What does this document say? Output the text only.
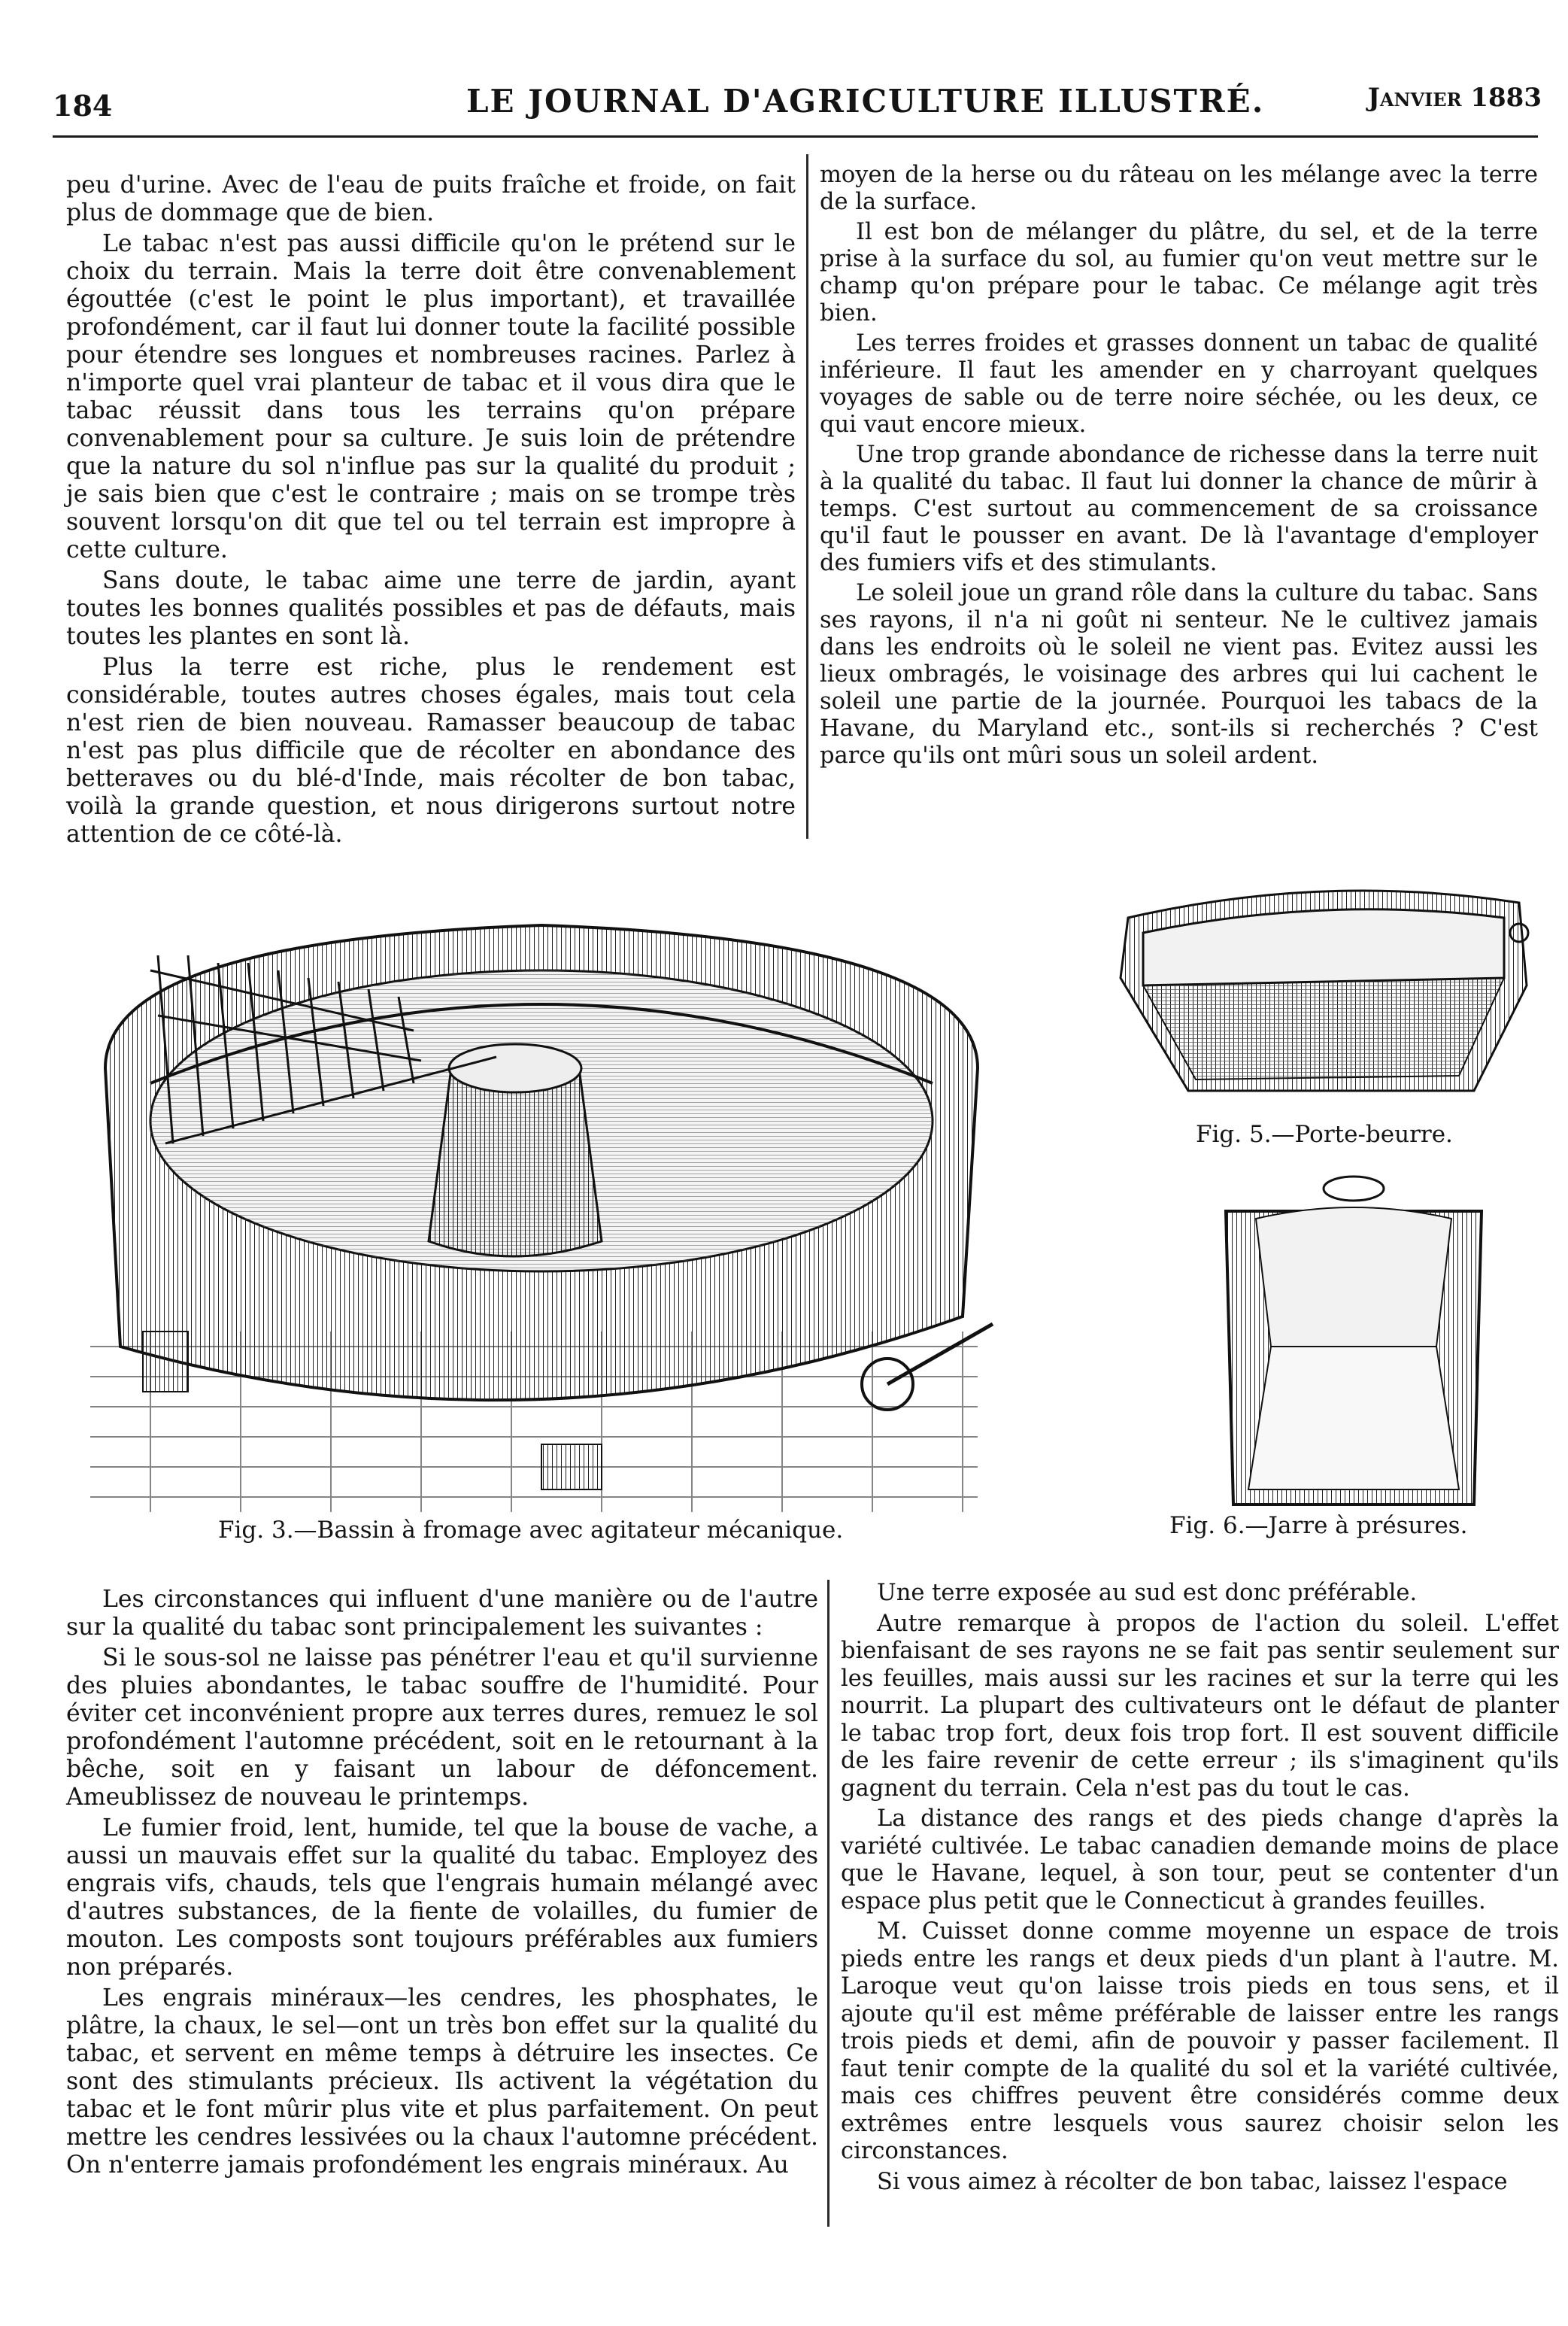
184	LE JOURNAL D'AGRICULTURE ILLUSTRÉ.	Janvier 1883

peu d'urine. Avec de l'eau de puits fraîche et froide, on fait plus de dommage que de bien.

Le tabac n'est pas aussi difficile qu'on le prétend sur le choix du terrain. Mais la terre doit être convenablement égouttée (c'est le point le plus important), et travaillée profondément, car il faut lui donner toute la facilité possible pour étendre ses longues et nombreuses racines. Parlez à n'importe quel vrai planteur de tabac et il vous dira que le tabac réussit dans tous les terrains qu'on prépare convenablement pour sa culture. Je suis loin de prétendre que la nature du sol n'influe pas sur la qualité du produit ; je sais bien que c'est le contraire ; mais on se trompe très souvent lorsqu'on dit que tel ou tel terrain est impropre à cette culture.

Sans doute, le tabac aime une terre de jardin, ayant toutes les bonnes qualités possibles et pas de défauts, mais toutes les plantes en sont là.

Plus la terre est riche, plus le rendement est considérable, toutes autres choses égales, mais tout cela n'est rien de bien nouveau. Ramasser beaucoup de tabac n'est pas plus difficile que de récolter en abondance des betteraves ou du blé-d'Inde, mais récolter de bon tabac, voilà la grande question, et nous dirigerons surtout notre attention de ce côté-là.

moyen de la herse ou du râteau on les mélange avec la terre de la surface.

Il est bon de mélanger du plâtre, du sel, et de la terre prise à la surface du sol, au fumier qu'on veut mettre sur le champ qu'on prépare pour le tabac. Ce mélange agit très bien.

Les terres froides et grasses donnent un tabac de qualité inférieure. Il faut les amender en y charroyant quelques voyages de sable ou de terre noire séchée, ou les deux, ce qui vaut encore mieux.

Une trop grande abondance de richesse dans la terre nuit à la qualité du tabac. Il faut lui donner la chance de mûrir à temps. C'est surtout au commencement de sa croissance qu'il faut le pousser en avant. De là l'avantage d'employer des fumiers vifs et des stimulants.

Le soleil joue un grand rôle dans la culture du tabac. Sans ses rayons, il n'a ni goût ni senteur. Ne le cultivez jamais dans les endroits où le soleil ne vient pas. Evitez aussi les lieux ombragés, le voisinage des arbres qui lui cachent le soleil une partie de la journée. Pourquoi les tabacs de la Havane, du Maryland etc., sont-ils si recherchés ? C'est parce qu'ils ont mûri sous un soleil ardent.

Fig. 3.—Bassin à fromage avec agitateur mécanique.
Fig. 5.—Porte-beurre.
Fig. 6.—Jarre à présures.

Les circonstances qui influent d'une manière ou de l'autre sur la qualité du tabac sont principalement les suivantes :

Si le sous-sol ne laisse pas pénétrer l'eau et qu'il survienne des pluies abondantes, le tabac souffre de l'humidité. Pour éviter cet inconvénient propre aux terres dures, remuez le sol profondément l'automne précédent, soit en le retournant à la bêche, soit en y faisant un labour de défoncement. Ameublissez de nouveau le printemps.

Le fumier froid, lent, humide, tel que la bouse de vache, a aussi un mauvais effet sur la qualité du tabac. Employez des engrais vifs, chauds, tels que l'engrais humain mélangé avec d'autres substances, de la fiente de volailles, du fumier de mouton. Les composts sont toujours préférables aux fumiers non préparés.

Les engrais minéraux—les cendres, les phosphates, le plâtre, la chaux, le sel—ont un très bon effet sur la qualité du tabac, et servent en même temps à détruire les insectes. Ce sont des stimulants précieux. Ils activent la végétation du tabac et le font mûrir plus vite et plus parfaitement. On peut mettre les cendres lessivées ou la chaux l'automne précédent. On n'enterre jamais profondément les engrais minéraux. Au

Une terre exposée au sud est donc préférable.

Autre remarque à propos de l'action du soleil. L'effet bienfaisant de ses rayons ne se fait pas sentir seulement sur les feuilles, mais aussi sur les racines et sur la terre qui les nourrit. La plupart des cultivateurs ont le défaut de planter le tabac trop fort, deux fois trop fort. Il est souvent difficile de les faire revenir de cette erreur ; ils s'imaginent qu'ils gagnent du terrain. Cela n'est pas du tout le cas.

La distance des rangs et des pieds change d'après la variété cultivée. Le tabac canadien demande moins de place que le Havane, lequel, à son tour, peut se contenter d'un espace plus petit que le Connecticut à grandes feuilles.

M. Cuisset donne comme moyenne un espace de trois pieds entre les rangs et deux pieds d'un plant à l'autre. M. Laroque veut qu'on laisse trois pieds en tous sens, et il ajoute qu'il est même préférable de laisser entre les rangs trois pieds et demi, afin de pouvoir y passer facilement. Il faut tenir compte de la qualité du sol et la variété cultivée, mais ces chiffres peuvent être considérés comme deux extrêmes entre lesquels vous saurez choisir selon les circonstances.

Si vous aimez à récolter de bon tabac, laissez l'espace
